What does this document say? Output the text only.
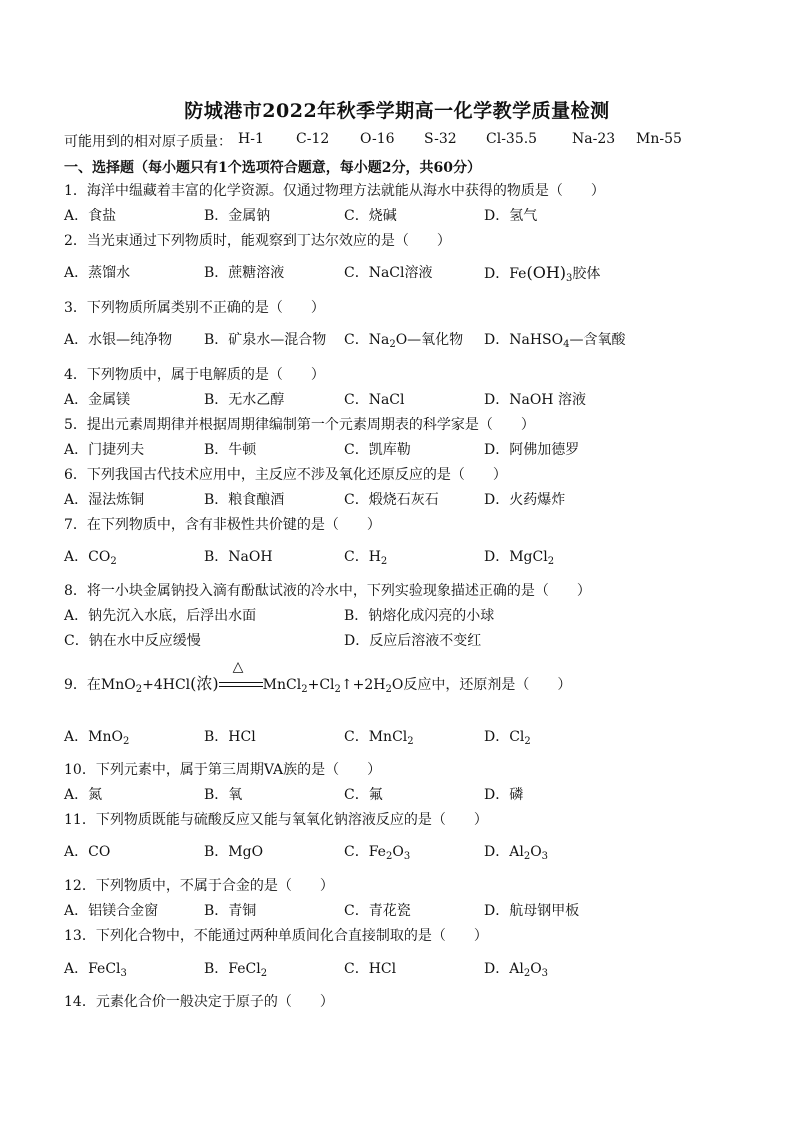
防城港市2022年秋季学期高一化学教学质量检测
可能用到的相对原子质量： H-1	C-12	O-16	S-32	Cl-35.5	Na-23	Mn-55
一、选择题（每小题只有1个选项符合题意，每小题2分，共60分）
1．海洋中缊藏着丰富的化学资源。仅通过物理方法就能从海水中获得的物质是（　　）
A．食盐	B．金属钠	C．烧碱	D．氢气
2．当光束通过下列物质时，能观察到丁达尔效应的是（　　）
A．蒸馏水	B．蔗糖溶液	C．NaCl溶液	D．$Fe(OH)_3$胶体
3．下列物质所属类别不正确的是（　　）
A．水银—纯净物 B．矿泉水—混合物 C．$Na_2O—$氧化物 D．NaHSO$_4$—含氧酸
4．下列物质中，属于电解质的是（　　）
A．金属镁	B．无水乙醇	C．NaCl	D．NaOH 溶液
5．提出元素周期律并根据周期律编制第一个元素周期表的科学家是（　　）
A．门捷列夫	B．牛顿	C．凯库勒	D．阿佛加德罗
6．下列我国古代技术应用中，主反应不涉及氧化还原反应的是（　　）
A．湿法炼铜	B．粮食酿酒	C．煅烧石灰石	D．火药爆炸
7．在下列物质中，含有非极性共价键的是（　　）
A．$CO_2$	B．NaOH	C．$H_2$	D．MgCl$_2$
8．将一小块金属钠投入滴有酚酞试液的冷水中，下列实验现象描述正确的是（　　）
A．钠先沉入水底，后浮出水面	B．钠熔化成闪亮的小球
C．钠在水中反应缓慢	D．反应后溶液不变红
9．在MnO$_2$+4HCl(浓)
△
$MnCl_2+Cl_2↑+2H_2O$反应中，还原剂是（　　）
A．MnO$_2$	B．HCl	C．MnCl$_2$	D．$Cl_2$
10．下列元素中，属于第三周期VA族的是（　　）
A．氮	B．氧	C．氟	D．磷
11．下列物质既能与硫酸反应又能与氧氧化钠溶液反应的是（　　）
A．CO	B．MgO	C．$Fe_2O_3$	D．$Al_2O_3$
12．下列物质中，不属于合金的是（　　）
A．铝镁合金窗	B．青铜	C．青花瓷	D．航母钢甲板
13．下列化合物中，不能通过两种单质间化合直接制取的是（　　）
A．FeCl$_3$	B．FeCl$_2$	C．HCl	D．$Al_2O_3$
14．元素化合价一般决定于原子的（　　）
